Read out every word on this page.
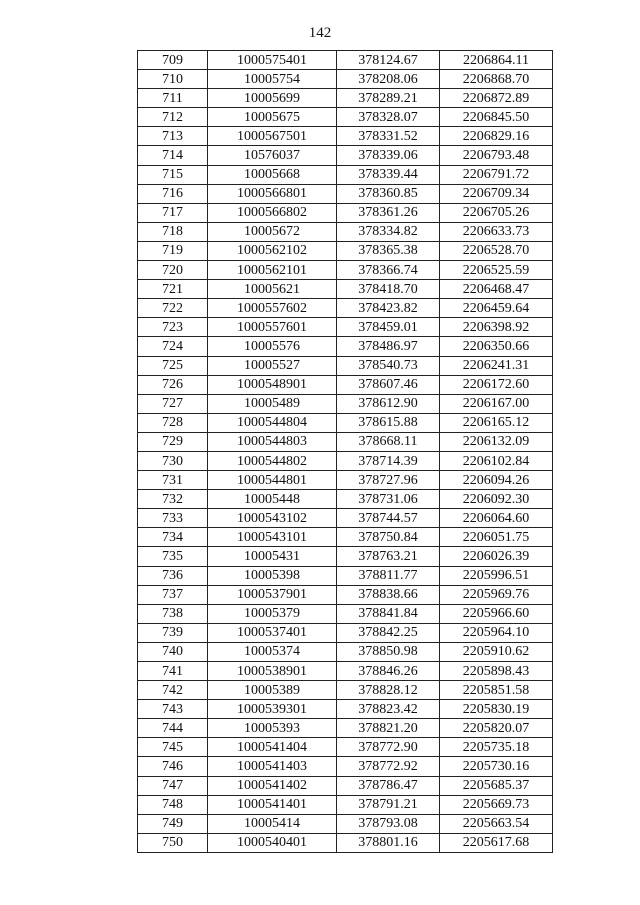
142
709	1000575401	378124.67	2206864.11
710	10005754	378208.06	2206868.70
711	10005699	378289.21	2206872.89
712	10005675	378328.07	2206845.50
713	1000567501	378331.52	2206829.16
714	10576037	378339.06	2206793.48
715	10005668	378339.44	2206791.72
716	1000566801	378360.85	2206709.34
717	1000566802	378361.26	2206705.26
718	10005672	378334.82	2206633.73
719	1000562102	378365.38	2206528.70
720	1000562101	378366.74	2206525.59
721	10005621	378418.70	2206468.47
722	1000557602	378423.82	2206459.64
723	1000557601	378459.01	2206398.92
724	10005576	378486.97	2206350.66
725	10005527	378540.73	2206241.31
726	1000548901	378607.46	2206172.60
727	10005489	378612.90	2206167.00
728	1000544804	378615.88	2206165.12
729	1000544803	378668.11	2206132.09
730	1000544802	378714.39	2206102.84
731	1000544801	378727.96	2206094.26
732	10005448	378731.06	2206092.30
733	1000543102	378744.57	2206064.60
734	1000543101	378750.84	2206051.75
735	10005431	378763.21	2206026.39
736	10005398	378811.77	2205996.51
737	1000537901	378838.66	2205969.76
738	10005379	378841.84	2205966.60
739	1000537401	378842.25	2205964.10
740	10005374	378850.98	2205910.62
741	1000538901	378846.26	2205898.43
742	10005389	378828.12	2205851.58
743	1000539301	378823.42	2205830.19
744	10005393	378821.20	2205820.07
745	1000541404	378772.90	2205735.18
746	1000541403	378772.92	2205730.16
747	1000541402	378786.47	2205685.37
748	1000541401	378791.21	2205669.73
749	10005414	378793.08	2205663.54
750	1000540401	378801.16	2205617.68
